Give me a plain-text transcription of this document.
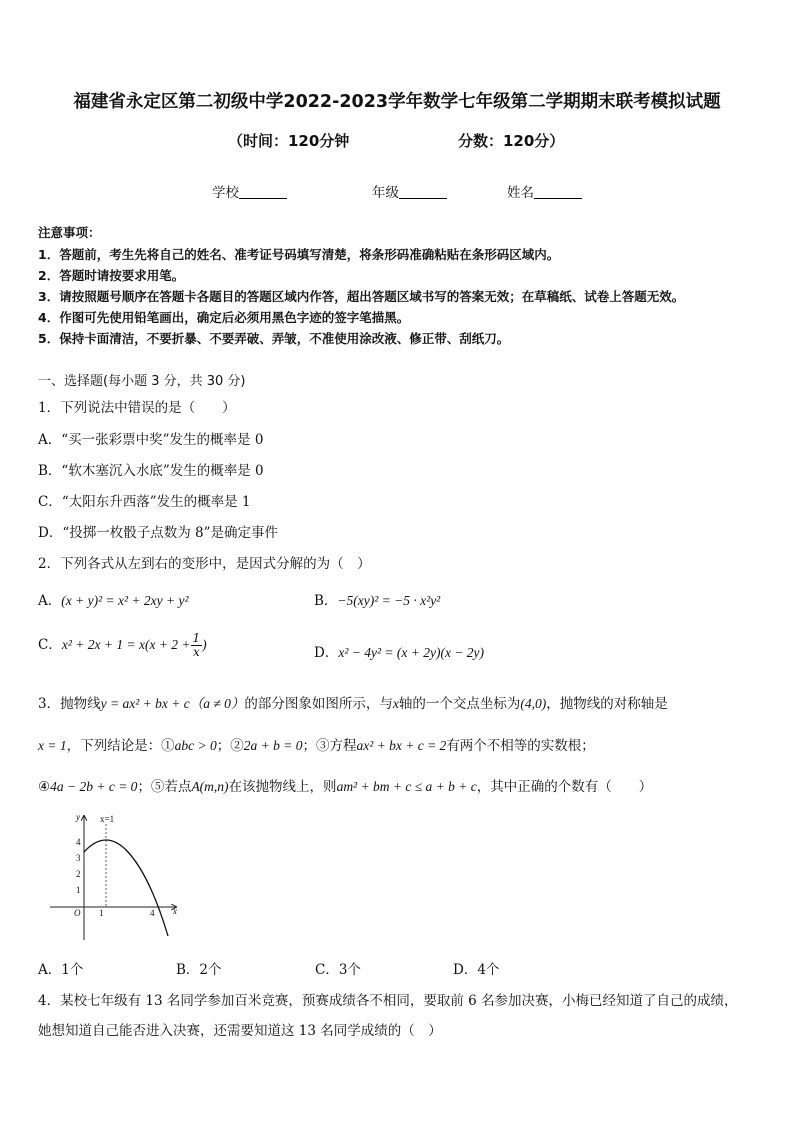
福建省永定区第二初级中学2022-2023学年数学七年级第二学期期末联考模拟试题
（时间：120分钟	分数：120分）
学校	年级	姓名
注意事项：
1．答题前，考生先将自己的姓名、准考证号码填写清楚，将条形码准确粘贴在条形码区域内。
2．答题时请按要求用笔。
3．请按照题号顺序在答题卡各题目的答题区域内作答，超出答题区域书写的答案无效；在草稿纸、试卷上答题无效。
4．作图可先使用铅笔画出，确定后必须用黑色字迹的签字笔描黑。
5．保持卡面清洁，不要折暴、不要弄破、弄皱，不准使用涂改液、修正带、刮纸刀。
一、选择题(每小题 3 分，共 30 分)
1．下列说法中错误的是（　　）
A．“买一张彩票中奖”发生的概率是 0
B．“软木塞沉入水底”发生的概率是 0
C．“太阳东升西落”发生的概率是 1
D．“投掷一枚骰子点数为 8”是确定事件
2．下列各式从左到右的变形中，是因式分解的为（　）
A．(x + y)² = x² + 2xy + y²	B．−5(xy)² = −5 · x²y²
C．$x^2 + 2x + 1 = x(x + 2 + \frac{1}{x}$ )
D．x² − 4y² = (x + 2y)(x − 2y)
3．抛物线y = ax² + bx + c（a ≠ 0）的部分图象如图所示，与x轴的一个交点坐标为(4,0)，抛物线的对称轴是
x = 1，下列结论是：①abc > 0；②2a + b = 0；③方程ax² + bx + c = 2有两个不相等的实数根；
④4a − 2b + c = 0；⑤若点A(m,n)在该抛物线上，则am² + bm + c ≤ a + b + c，其中正确的个数有（　　）
y
x
O
x=1
4
3
2
1
1	4
A．1个	B．2个	C．3个	D．4个
4．某校七年级有 13 名同学参加百米竞赛，预赛成绩各不相同，要取前 6 名参加决赛，小梅已经知道了自己的成绩，
她想知道自己能否进入决赛，还需要知道这 13 名同学成绩的（　）
